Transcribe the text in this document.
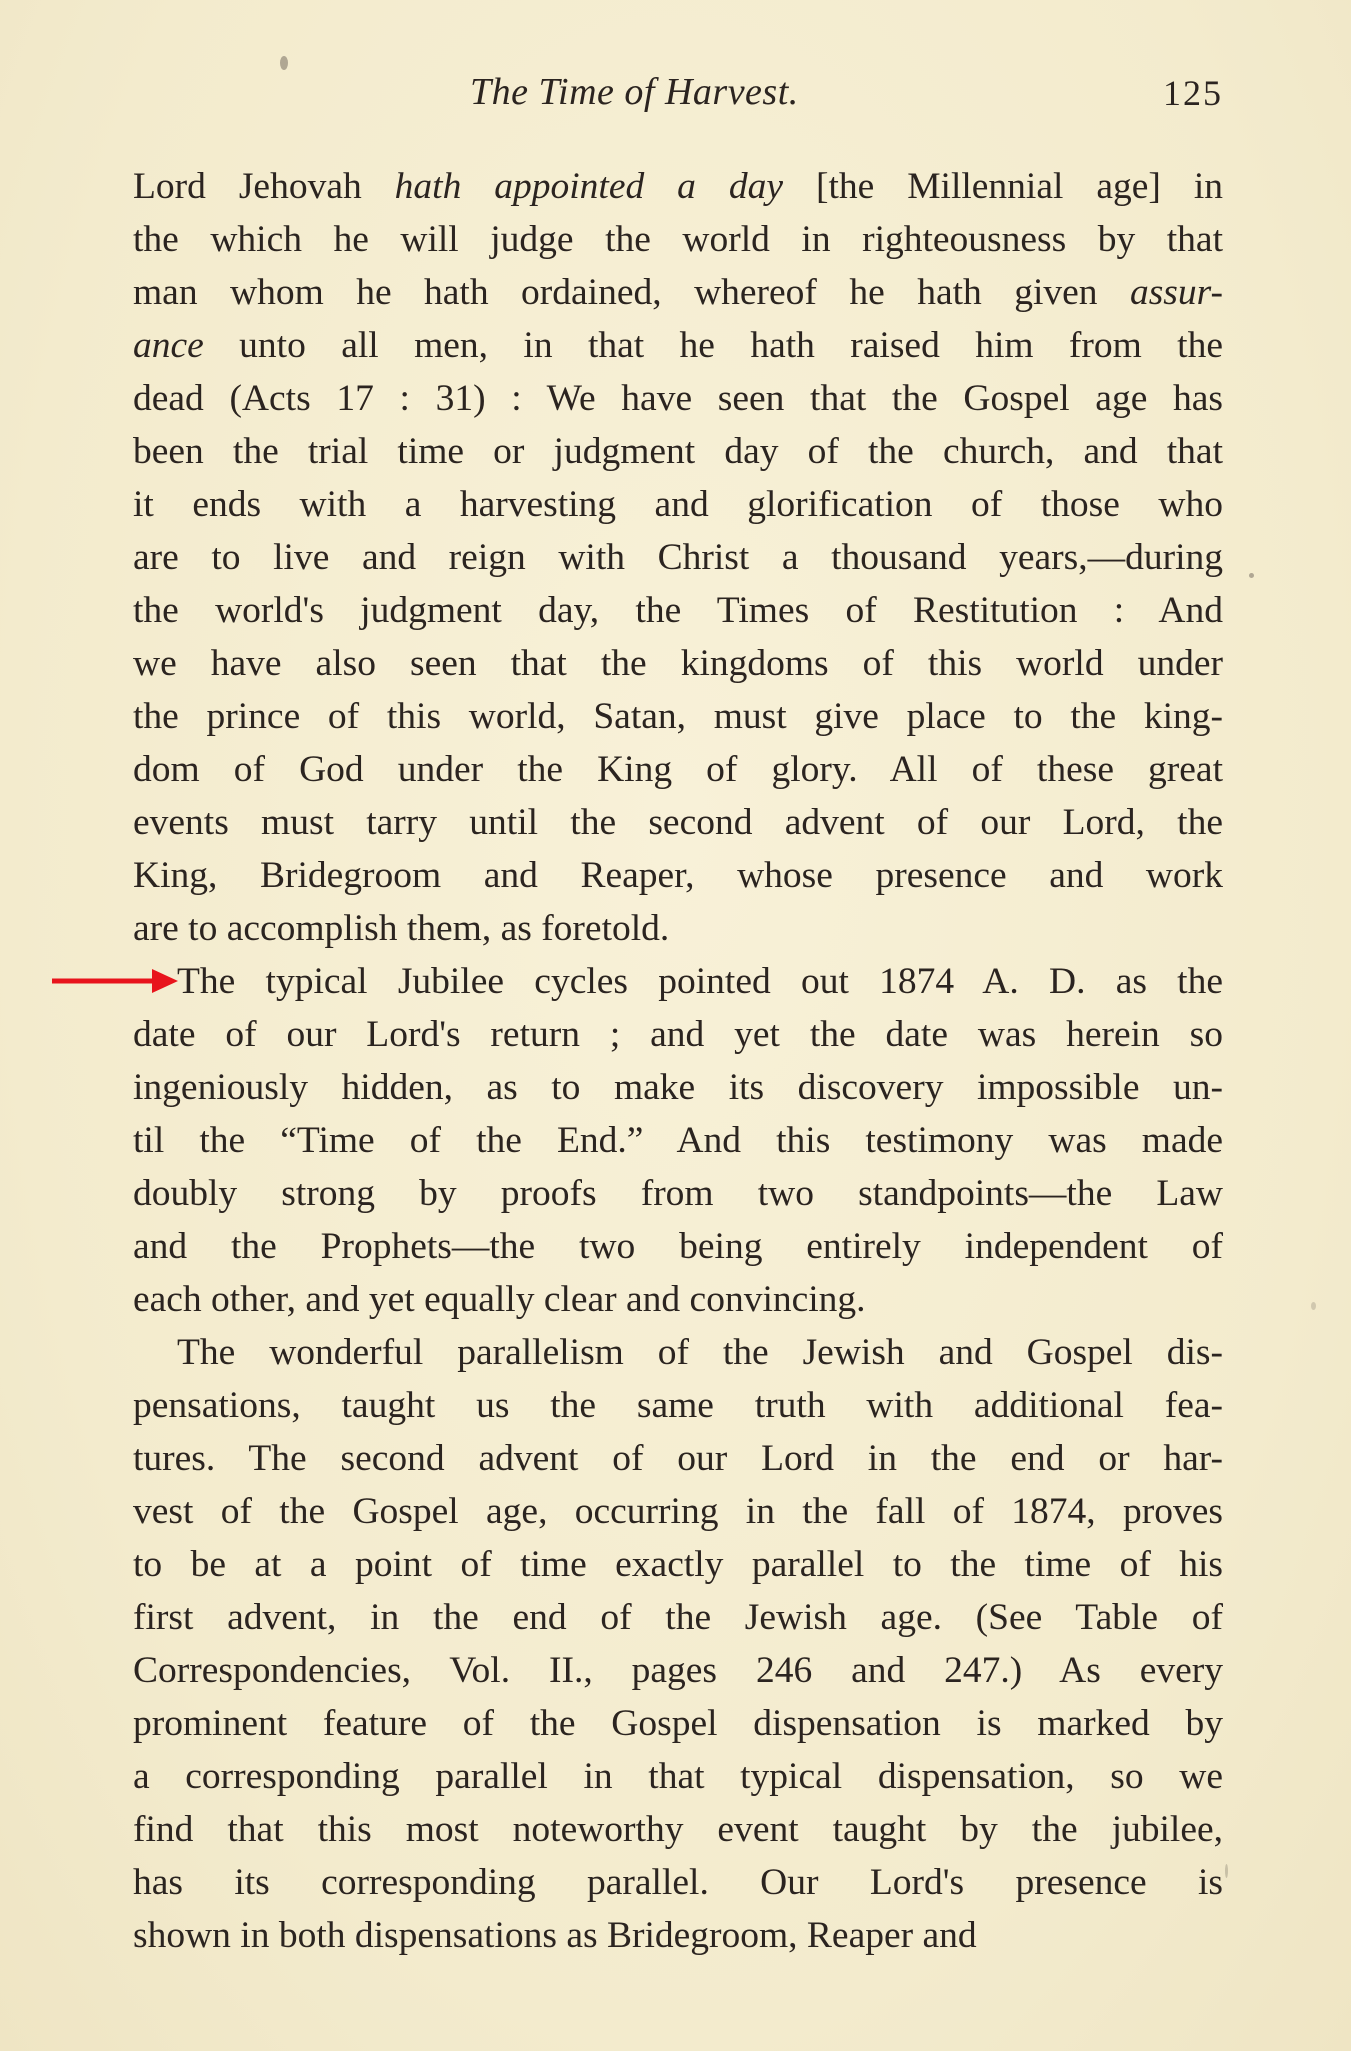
The Time of Harvest.	125
Lord Jehovah hath appointed a day [the Millennial age] in
the which he will judge the world in righteousness by that
man whom he hath ordained, whereof he hath given assur-
ance unto all men, in that he hath raised him from the
dead (Acts 17 : 31) : We have seen that the Gospel age has
been the trial time or judgment day of the church, and that
it ends with a harvesting and glorification of those who
are to live and reign with Christ a thousand years,—during
the world's judgment day, the Times of Restitution : And
we have also seen that the kingdoms of this world under
the prince of this world, Satan, must give place to the king-
dom of God under the King of glory. All of these great
events must tarry until the second advent of our Lord, the
King, Bridegroom and Reaper, whose presence and work
are to accomplish them, as foretold.
The typical Jubilee cycles pointed out 1874 A. D. as the
date of our Lord's return ; and yet the date was herein so
ingeniously hidden, as to make its discovery impossible un-
til the “Time of the End.” And this testimony was made
doubly strong by proofs from two standpoints—the Law
and the Prophets—the two being entirely independent of
each other, and yet equally clear and convincing.
The wonderful parallelism of the Jewish and Gospel dis-
pensations, taught us the same truth with additional fea-
tures. The second advent of our Lord in the end or har-
vest of the Gospel age, occurring in the fall of 1874, proves
to be at a point of time exactly parallel to the time of his
first advent, in the end of the Jewish age. (See Table of
Correspondencies, Vol. II., pages 246 and 247.) As every
prominent feature of the Gospel dispensation is marked by
a corresponding parallel in that typical dispensation, so we
find that this most noteworthy event taught by the jubilee,
has its corresponding parallel. Our Lord's presence is
shown in both dispensations as Bridegroom, Reaper and
